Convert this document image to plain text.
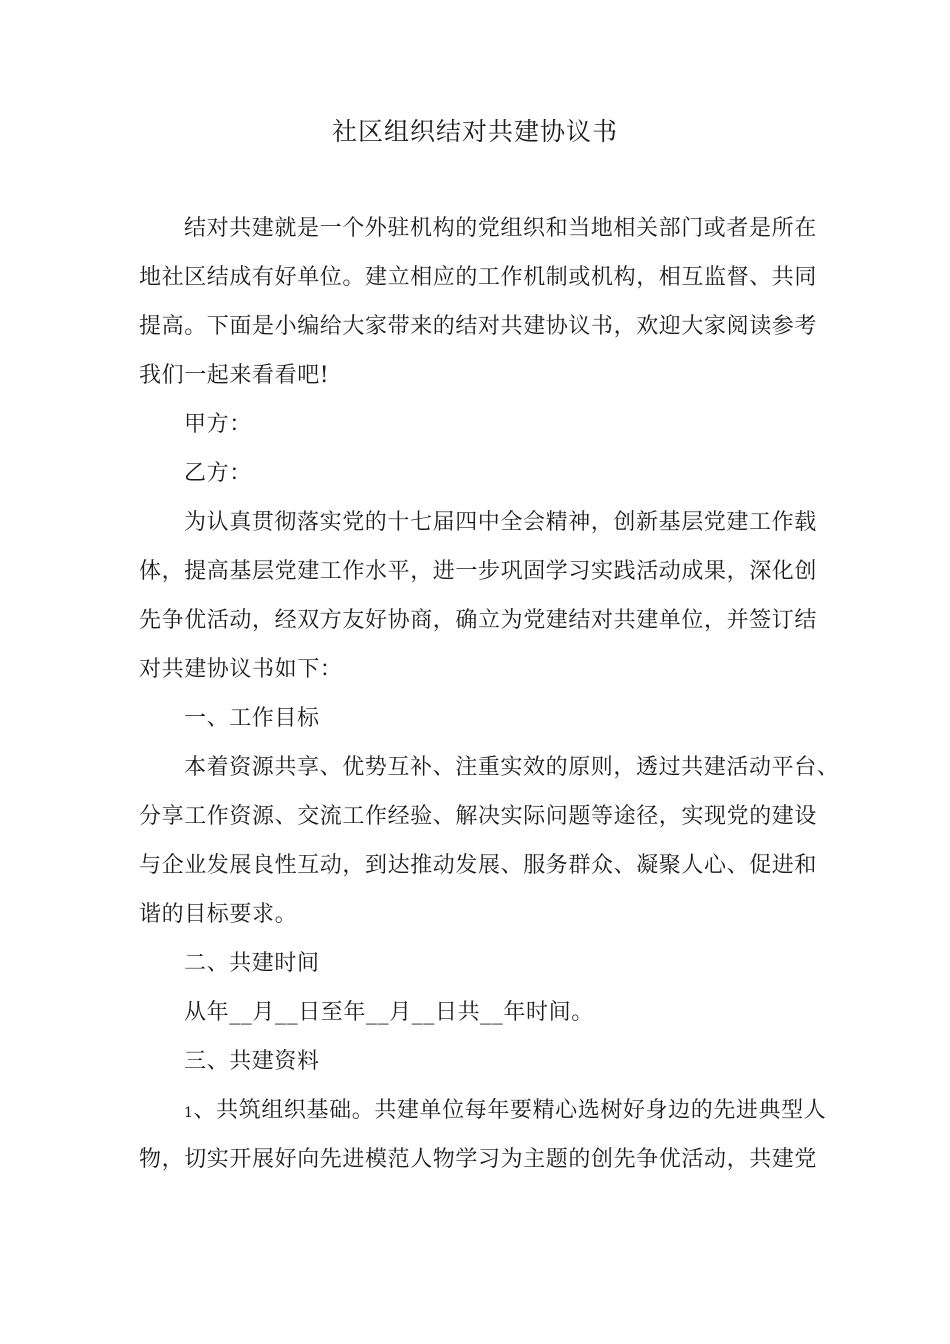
社区组织结对共建协议书
结对共建就是一个外驻机构的党组织和当地相关部门或者是所在
地社区结成有好单位。建立相应的工作机制或机构，相互监督、共同
提高。下面是小编给大家带来的结对共建协议书，欢迎大家阅读参考
我们一起来看看吧!
甲方：
乙方：
为认真贯彻落实党的十七届四中全会精神，创新基层党建工作载
体，提高基层党建工作水平，进一步巩固学习实践活动成果，深化创
先争优活动，经双方友好协商，确立为党建结对共建单位，并签订结
对共建协议书如下：
一、工作目标
本着资源共享、优势互补、注重实效的原则，透过共建活动平台、
分享工作资源、交流工作经验、解决实际问题等途径，实现党的建设
与企业发展良性互动，到达推动发展、服务群众、凝聚人心、促进和
谐的目标要求。
二、共建时间
从年__月__日至年__月__日共__年时间。
三、共建资料
1、共筑组织基础。共建单位每年要精心选树好身边的先进典型人
物，切实开展好向先进模范人物学习为主题的创先争优活动，共建党
